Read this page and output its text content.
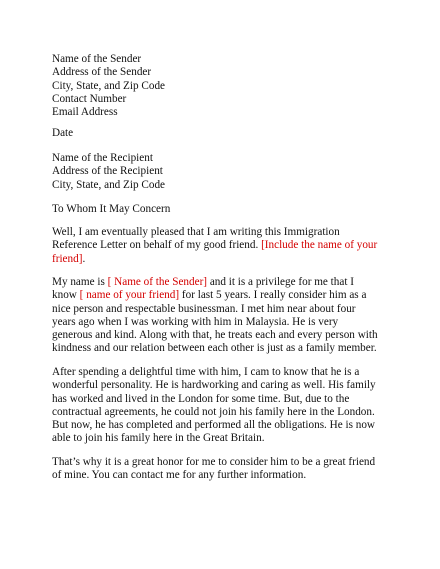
Name of the Sender
Address of the Sender
City, State, and Zip Code
Contact Number
Email Address
Date
Name of the Recipient
Address of the Recipient
City, State, and Zip Code
To Whom It May Concern
Well, I am eventually pleased that I am writing this Immigration
Reference Letter on behalf of my good friend. [Include the name of your
friend].
My name is [ Name of the Sender] and it is a privilege for me that I
know [ name of your friend] for last 5 years. I really consider him as a
nice person and respectable businessman. I met him near about four
years ago when I was working with him in Malaysia. He is very
generous and kind. Along with that, he treats each and every person with
kindness and our relation between each other is just as a family member.
After spending a delightful time with him, I cam to know that he is a
wonderful personality. He is hardworking and caring as well. His family
has worked and lived in the London for some time. But, due to the
contractual agreements, he could not join his family here in the London.
But now, he has completed and performed all the obligations. He is now
able to join his family here in the Great Britain.
That’s why it is a great honor for me to consider him to be a great friend
of mine. You can contact me for any further information.
